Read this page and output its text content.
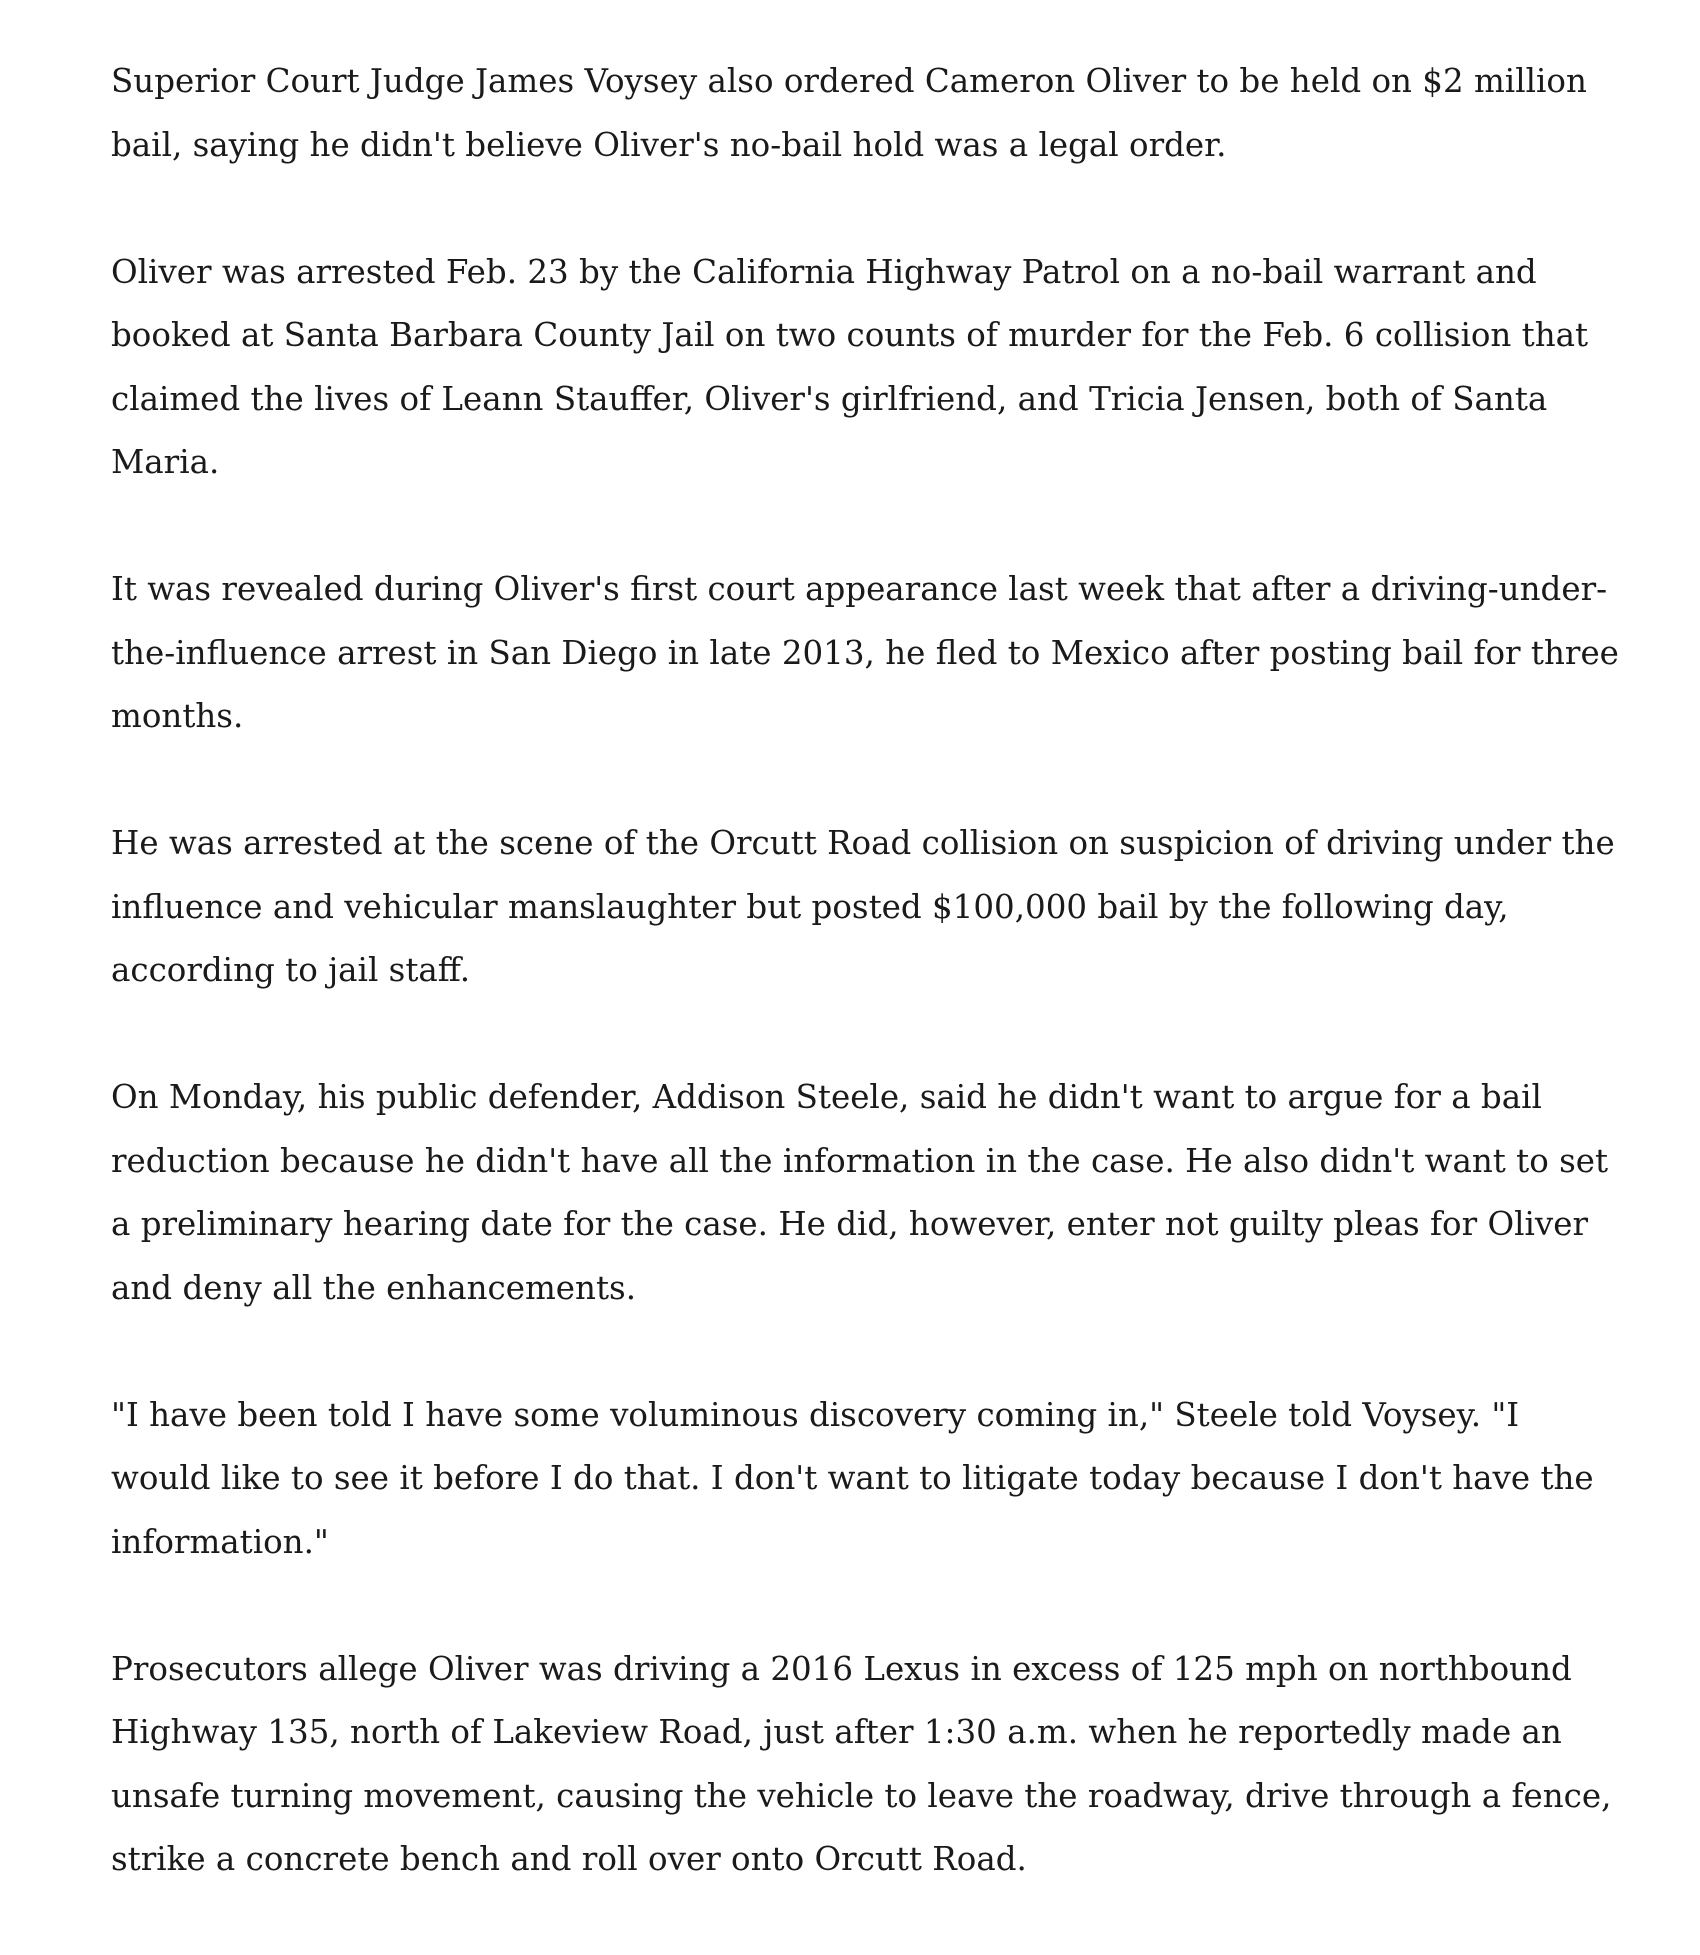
Superior Court Judge James Voysey also ordered Cameron Oliver to be held on $2 million bail, saying he didn't believe Oliver's no-bail hold was a legal order.

Oliver was arrested Feb. 23 by the California Highway Patrol on a no-bail warrant and booked at Santa Barbara County Jail on two counts of murder for the Feb. 6 collision that claimed the lives of Leann Stauffer, Oliver's girlfriend, and Tricia Jensen, both of Santa Maria.

It was revealed during Oliver's first court appearance last week that after a driving-under-the-influence arrest in San Diego in late 2013, he fled to Mexico after posting bail for three months.

He was arrested at the scene of the Orcutt Road collision on suspicion of driving under the influence and vehicular manslaughter but posted $100,000 bail by the following day, according to jail staff.

On Monday, his public defender, Addison Steele, said he didn't want to argue for a bail reduction because he didn't have all the information in the case. He also didn't want to set a preliminary hearing date for the case. He did, however, enter not guilty pleas for Oliver and deny all the enhancements.

"I have been told I have some voluminous discovery coming in," Steele told Voysey. "I would like to see it before I do that. I don't want to litigate today because I don't have the information."

Prosecutors allege Oliver was driving a 2016 Lexus in excess of 125 mph on northbound Highway 135, north of Lakeview Road, just after 1:30 a.m. when he reportedly made an unsafe turning movement, causing the vehicle to leave the roadway, drive through a fence, strike a concrete bench and roll over onto Orcutt Road.
